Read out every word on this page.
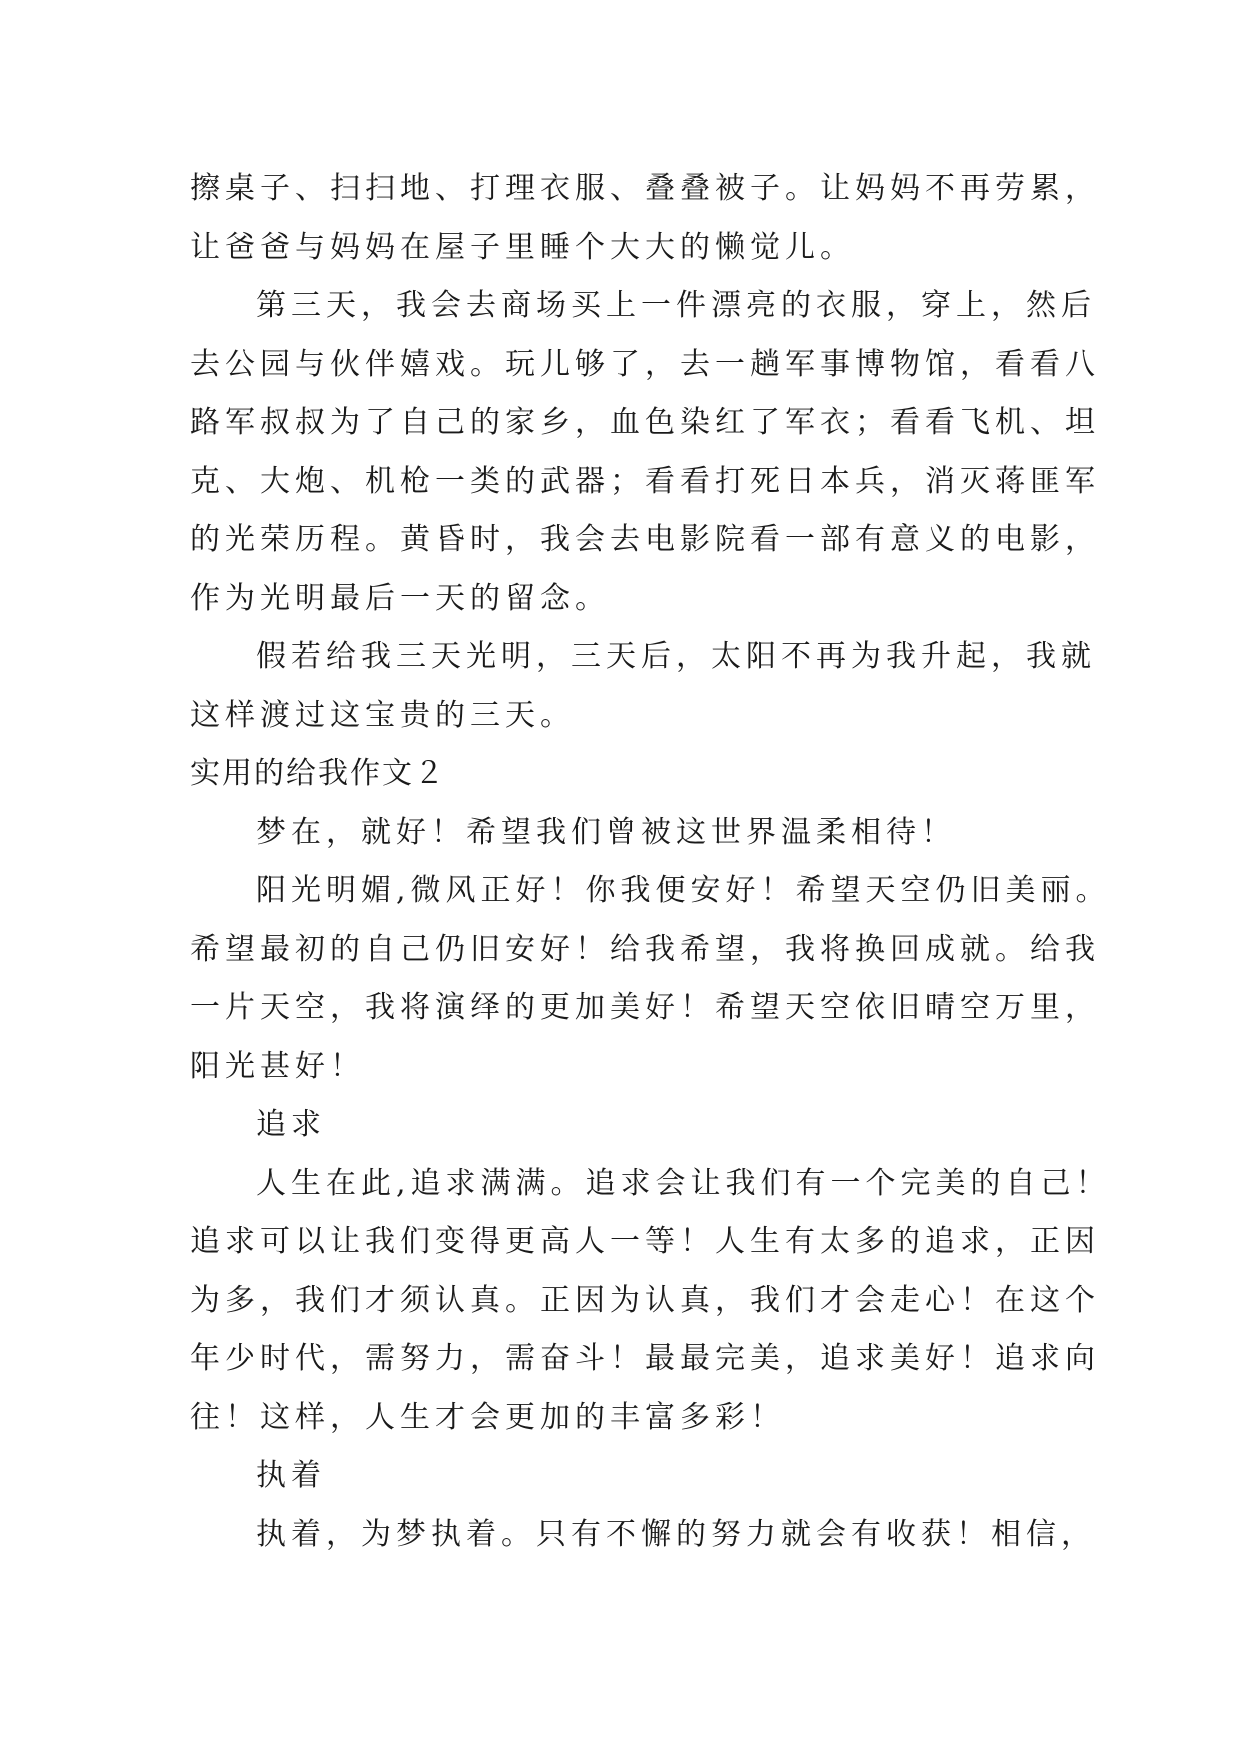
擦桌子、扫扫地、打理衣服、叠叠被子。让妈妈不再劳累，
让爸爸与妈妈在屋子里睡个大大的懒觉儿。
第三天，我会去商场买上一件漂亮的衣服，穿上，然后
去公园与伙伴嬉戏。玩儿够了，去一趟军事博物馆，看看八
路军叔叔为了自己的家乡，血色染红了军衣；看看飞机、坦
克、大炮、机枪一类的武器；看看打死日本兵，消灭蒋匪军
的光荣历程。黄昏时，我会去电影院看一部有意义的电影，
作为光明最后一天的留念。
假若给我三天光明，三天后，太阳不再为我升起，我就
这样渡过这宝贵的三天。
实用的给我作文２
梦在，就好！希望我们曾被这世界温柔相待！
阳光明媚,微风正好！你我便安好！希望天空仍旧美丽。
希望最初的自己仍旧安好！给我希望，我将换回成就。给我
一片天空，我将演绎的更加美好！希望天空依旧晴空万里，
阳光甚好！
追求
人生在此,追求满满。追求会让我们有一个完美的自己！
追求可以让我们变得更高人一等！人生有太多的追求，正因
为多，我们才须认真。正因为认真，我们才会走心！在这个
年少时代，需努力，需奋斗！最最完美，追求美好！追求向
往！这样，人生才会更加的丰富多彩！
执着
执着，为梦执着。只有不懈的努力就会有收获！相信，
